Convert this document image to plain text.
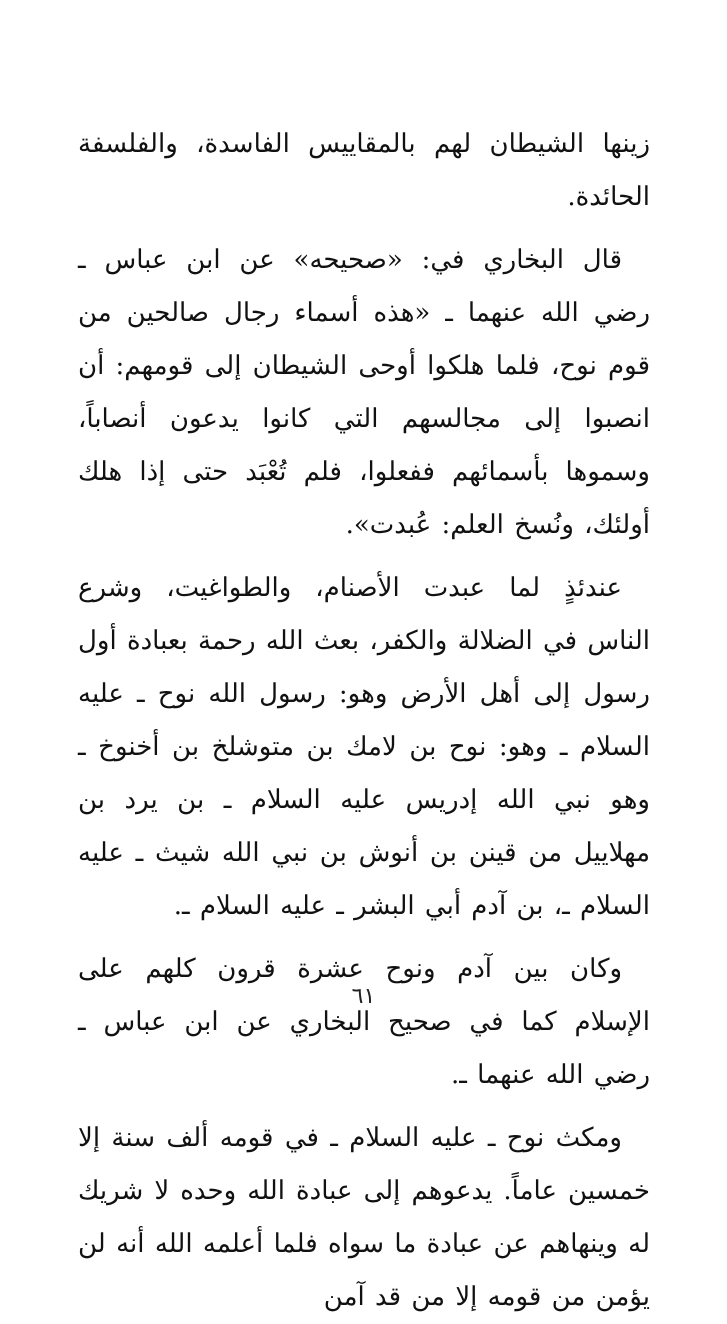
زينها الشيطان لهم بالمقاييس الفاسدة، والفلسفة الحائدة.

قال البخاري في: «صحيحه» عن ابن عباس ـ رضي الله عنهما ـ «هذه أسماء رجال صالحين من قوم نوح، فلما هلكوا أوحى الشيطان إلى قومهم: أن انصبوا إلى مجالسهم التي كانوا يدعون أنصاباً، وسموها بأسمائهم ففعلوا، فلم تُعْبَد حتى إذا هلك أولئك، ونُسخ العلم: عُبدت».

عندئذٍ لما عبدت الأصنام، والطواغيت، وشرع الناس في الضلالة والكفر، بعث الله رحمة بعبادة أول رسول إلى أهل الأرض وهو: رسول الله نوح ـ عليه السلام ـ وهو: نوح بن لامك بن متوشلخ بن أخنوخ ـ وهو نبي الله إدريس عليه السلام ـ بن يرد بن مهلاييل من قينن بن أنوش بن نبي الله شيث ـ عليه السلام ـ، بن آدم أبي البشر ـ عليه السلام ـ.

وكان بين آدم ونوح عشرة قرون كلهم على الإسلام كما في صحيح البخاري عن ابن عباس ـ رضي الله عنهما ـ.

ومكث نوح ـ عليه السلام ـ في قومه ألف سنة إلا خمسين عاماً. يدعوهم إلى عبادة الله وحده لا شريك له وينهاهم عن عبادة ما سواه فلما أعلمه الله أنه لن يؤمن من قومه إلا من قد آمن

٦١
